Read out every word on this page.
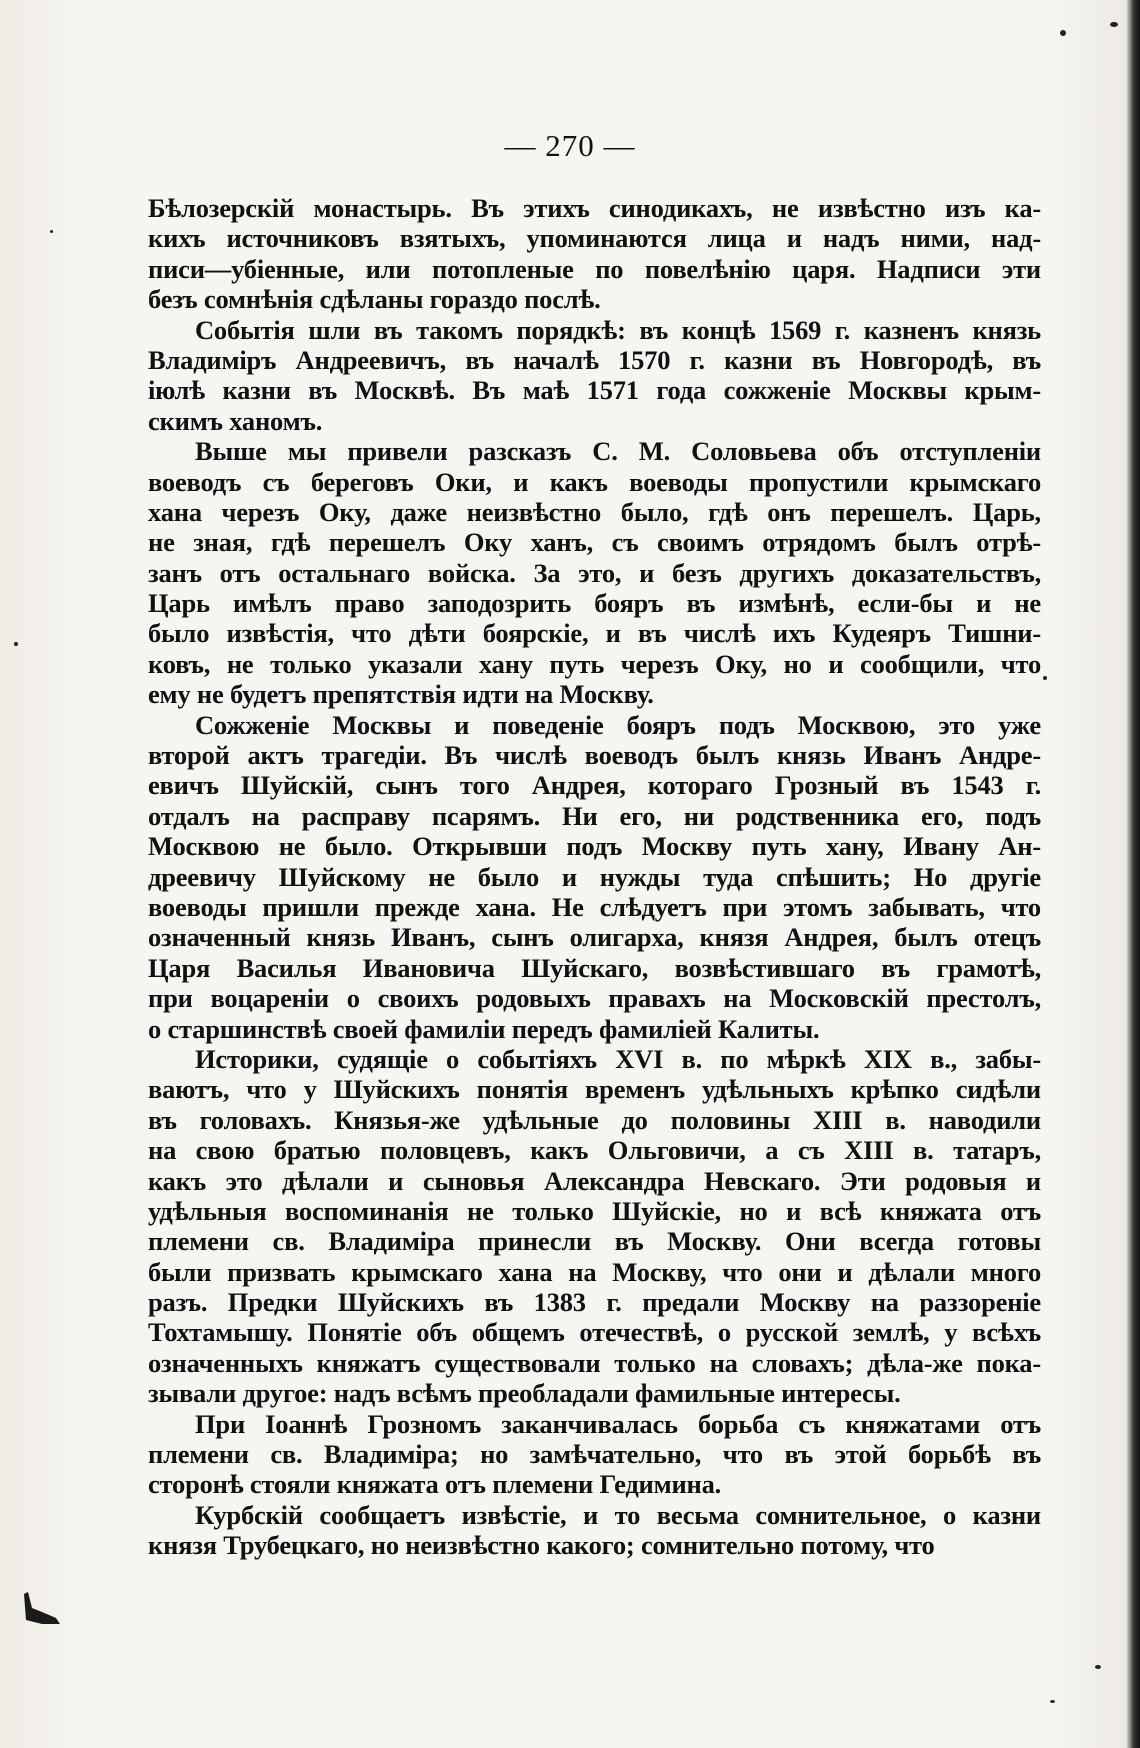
— 270 —
Бѣлозерскій монастырь. Въ этихъ синодикахъ, не извѣстно изъ ка-
кихъ источниковъ взятыхъ, упоминаются лица и надъ ними, над-
писи—убіенные, или потопленые по повелѣнію царя. Надписи эти
безъ сомнѣнія сдѣланы гораздо послѣ.
Событія шли въ такомъ порядкѣ: въ концѣ 1569 г. казненъ князь
Владиміръ Андреевичъ, въ началѣ 1570 г. казни въ Новгородѣ, въ
іюлѣ казни въ Москвѣ. Въ маѣ 1571 года сожженіе Москвы крым-
скимъ ханомъ.
Выше мы привели разсказъ С. М. Соловьева объ отступленіи
воеводъ съ береговъ Оки, и какъ воеводы пропустили крымскаго
хана черезъ Оку, даже неизвѣстно было, гдѣ онъ перешелъ. Царь,
не зная, гдѣ перешелъ Оку ханъ, съ своимъ отрядомъ былъ отрѣ-
занъ отъ остальнаго войска. За это, и безъ другихъ доказательствъ,
Царь имѣлъ право заподозрить бояръ въ измѣнѣ, если-бы и не
было извѣстія, что дѣти боярскіе, и въ числѣ ихъ Кудеяръ Тишни-
ковъ, не только указали хану путь черезъ Оку, но и сообщили, что
ему не будетъ препятствія идти на Москву.
Сожженіе Москвы и поведеніе бояръ подъ Москвою, это уже
второй актъ трагедіи. Въ числѣ воеводъ былъ князь Иванъ Андре-
евичъ Шуйскій, сынъ того Андрея, котораго Грозный въ 1543 г.
отдалъ на расправу псарямъ. Ни его, ни родственника его, подъ
Москвою не было. Открывши подъ Москву путь хану, Ивану Ан-
дреевичу Шуйскому не было и нужды туда спѣшить; Но другіе
воеводы пришли прежде хана. Не слѣдуетъ при этомъ забывать, что
означенный князь Иванъ, сынъ олигарха, князя Андрея, былъ отецъ
Царя Василья Ивановича Шуйскаго, возвѣстившаго въ грамотѣ,
при воцареніи о своихъ родовыхъ правахъ на Московскій престолъ,
о старшинствѣ своей фамиліи передъ фамиліей Калиты.
Историки, судящіе о событіяхъ XVI в. по мѣркѣ XIX в., забы-
ваютъ, что у Шуйскихъ понятія временъ удѣльныхъ крѣпко сидѣли
въ головахъ. Князья-же удѣльные до половины XIII в. наводили
на свою братью половцевъ, какъ Ольговичи, а съ XIII в. татаръ,
какъ это дѣлали и сыновья Александра Невскаго. Эти родовыя и
удѣльныя воспоминанія не только Шуйскіе, но и всѣ княжата отъ
племени св. Владиміра принесли въ Москву. Они всегда готовы
были призвать крымскаго хана на Москву, что они и дѣлали много
разъ. Предки Шуйскихъ въ 1383 г. предали Москву на раззореніе
Тохтамышу. Понятіе объ общемъ отечествѣ, о русской землѣ, у всѣхъ
означенныхъ княжатъ существовали только на словахъ; дѣла-же пока-
зывали другое: надъ всѣмъ преобладали фамильные интересы.
При Іоаннѣ Грозномъ заканчивалась борьба съ княжатами отъ
племени св. Владиміра; но замѣчательно, что въ этой борьбѣ въ
сторонѣ стояли княжата отъ племени Гедимина.
Курбскій сообщаетъ извѣстіе, и то весьма сомнительное, о казни
князя Трубецкаго, но неизвѣстно какого; сомнительно потому, что
